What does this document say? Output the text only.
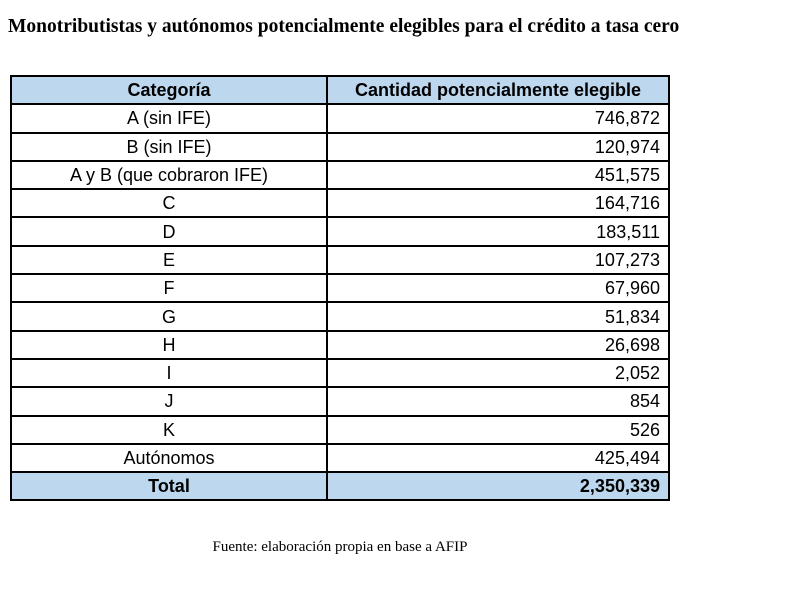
Monotributistas y autónomos potencialmente elegibles para el crédito a tasa cero
Categoría	Cantidad potencialmente elegible
A (sin IFE)	746,872
B (sin IFE)	120,974
A y B (que cobraron IFE)	451,575
C	164,716
D	183,511
E	107,273
F	67,960
G	51,834
H	26,698
I	2,052
J	854
K	526
Autónomos	425,494
Total	2,350,339
Fuente: elaboración propia en base a AFIP
